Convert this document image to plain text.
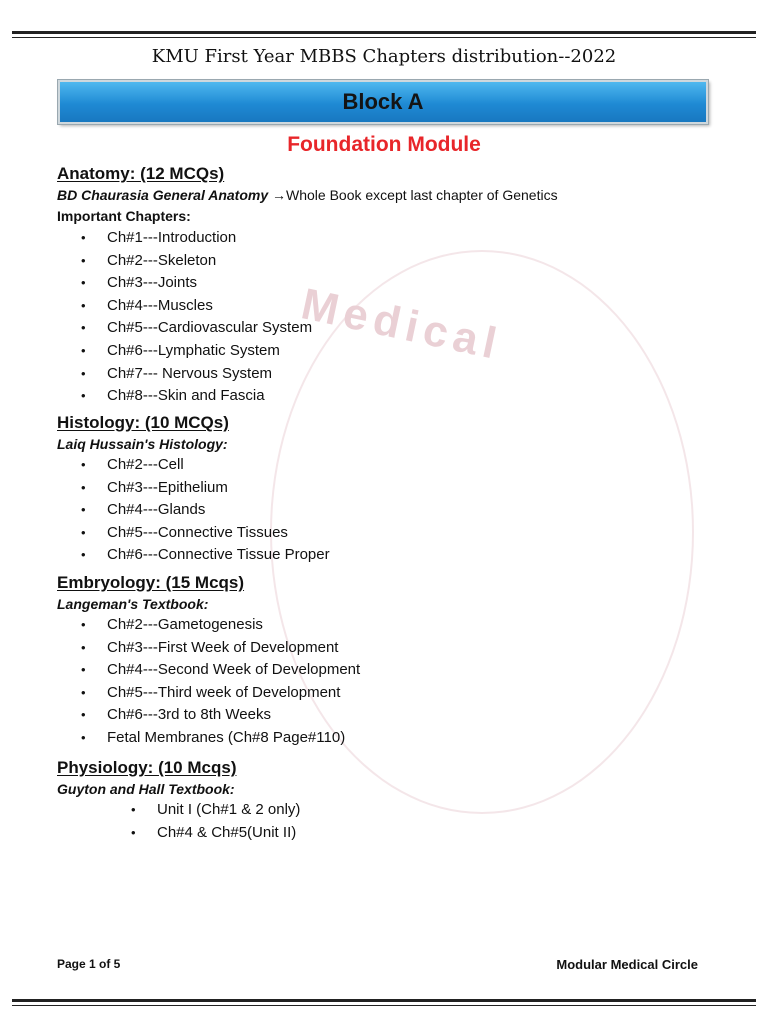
Medical
KMU First Year MBBS Chapters distribution--2022
Block A
Foundation Module
Anatomy: (12 MCQs)
BD Chaurasia General Anatomy →Whole Book except last chapter of Genetics
Important Chapters:
• Ch#1---Introduction
• Ch#2---Skeleton
• Ch#3---Joints
• Ch#4---Muscles
• Ch#5---Cardiovascular System
• Ch#6---Lymphatic System
• Ch#7--- Nervous System
• Ch#8---Skin and Fascia
Histology: (10 MCQs)
Laiq Hussain's Histology:
• Ch#2---Cell
• Ch#3---Epithelium
• Ch#4---Glands
• Ch#5---Connective Tissues
• Ch#6---Connective Tissue Proper
Embryology: (15 Mcqs)
Langeman's Textbook:
• Ch#2---Gametogenesis
• Ch#3---First Week of Development
• Ch#4---Second Week of Development
• Ch#5---Third week of Development
• Ch#6---3rd to 8th Weeks
• Fetal Membranes (Ch#8 Page#110)
Physiology: (10 Mcqs)
Guyton and Hall Textbook:
• Unit I (Ch#1 & 2 only)
• Ch#4 & Ch#5(Unit II)
Page 1 of 5	Modular Medical Circle
